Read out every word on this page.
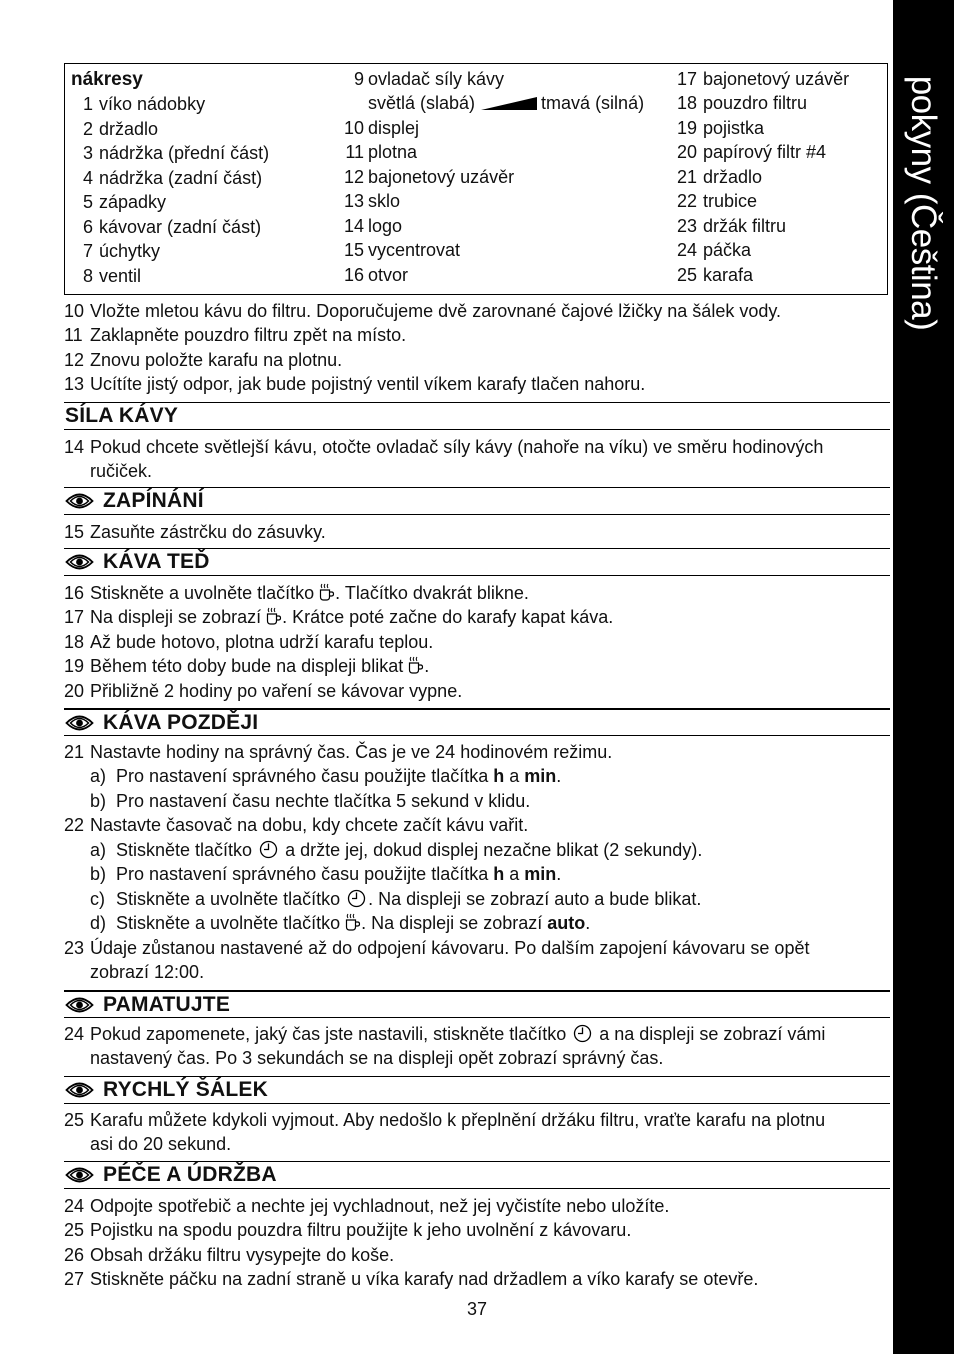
pokyny (Čeština)
nákresy
1 víko nádobky
2 držadlo
3 nádržka (přední část)
4 nádržka (zadní část)
5 západky
6 kávovar (zadní část)
7 úchytky
8 ventil
9 ovladač síly kávy
světlá (slabá)	tmavá (silná)
10 displej
11 plotna
12 bajonetový uzávěr
13 sklo
14 logo
15 vycentrovat
16 otvor
17 bajonetový uzávěr
18 pouzdro filtru
19 pojistka
20 papírový filtr #4
21 držadlo
22 trubice
23 držák filtru
24 páčka
25 karafa
10 Vložte mletou kávu do filtru. Doporučujeme dvě zarovnané čajové lžičky na šálek vody.
11 Zaklapněte pouzdro filtru zpět na místo.
12 Znovu položte karafu na plotnu.
13 Ucítíte jistý odpor, jak bude pojistný ventil víkem karafy tlačen nahoru.
SÍLA KÁVY
14 Pokud chcete světlejší kávu, otočte ovladač síly kávy (nahoře na víku) ve směru hodinových
ručiček.
ZAPÍNÁNÍ
15 Zasuňte zástrčku do zásuvky.
KÁVA TEĎ
16 Stiskněte a uvolněte tlačítko . Tlačítko dvakrát blikne.
17 Na displeji se zobrazí . Krátce poté začne do karafy kapat káva.
18 Až bude hotovo, plotna udrží karafu teplou.
19 Během této doby bude na displeji blikat .
20 Přibližně 2 hodiny po vaření se kávovar vypne.
KÁVA POZDĚJI
21 Nastavte hodiny na správný čas. Čas je ve 24 hodinovém režimu.
a) Pro nastavení správného času použijte tlačítka h a min.
b) Pro nastavení času nechte tlačítka 5 sekund v klidu.
22 Nastavte časovač na dobu, kdy chcete začít kávu vařit.
a) Stiskněte tlačítko  a držte jej, dokud displej nezačne blikat (2 sekundy).
b) Pro nastavení správného času použijte tlačítka h a min.
c) Stiskněte a uvolněte tlačítko . Na displeji se zobrazí auto a bude blikat.
d) Stiskněte a uvolněte tlačítko . Na displeji se zobrazí auto.
23 Údaje zůstanou nastavené až do odpojení kávovaru. Po dalším zapojení kávovaru se opět
zobrazí 12:00.
PAMATUJTE
24 Pokud zapomenete, jaký čas jste nastavili, stiskněte tlačítko  a na displeji se zobrazí vámi
nastavený čas. Po 3 sekundách se na displeji opět zobrazí správný čas.
RYCHLÝ ŠÁLEK
25 Karafu můžete kdykoli vyjmout. Aby nedošlo k přeplnění držáku filtru, vraťte karafu na plotnu
asi do 20 sekund.
PÉČE A ÚDRŽBA
24 Odpojte spotřebič a nechte jej vychladnout, než jej vyčistíte nebo uložíte.
25 Pojistku na spodu pouzdra filtru použijte k jeho uvolnění z kávovaru.
26 Obsah držáku filtru vysypejte do koše.
27 Stiskněte páčku na zadní straně u víka karafy nad držadlem a víko karafy se otevře.
37
